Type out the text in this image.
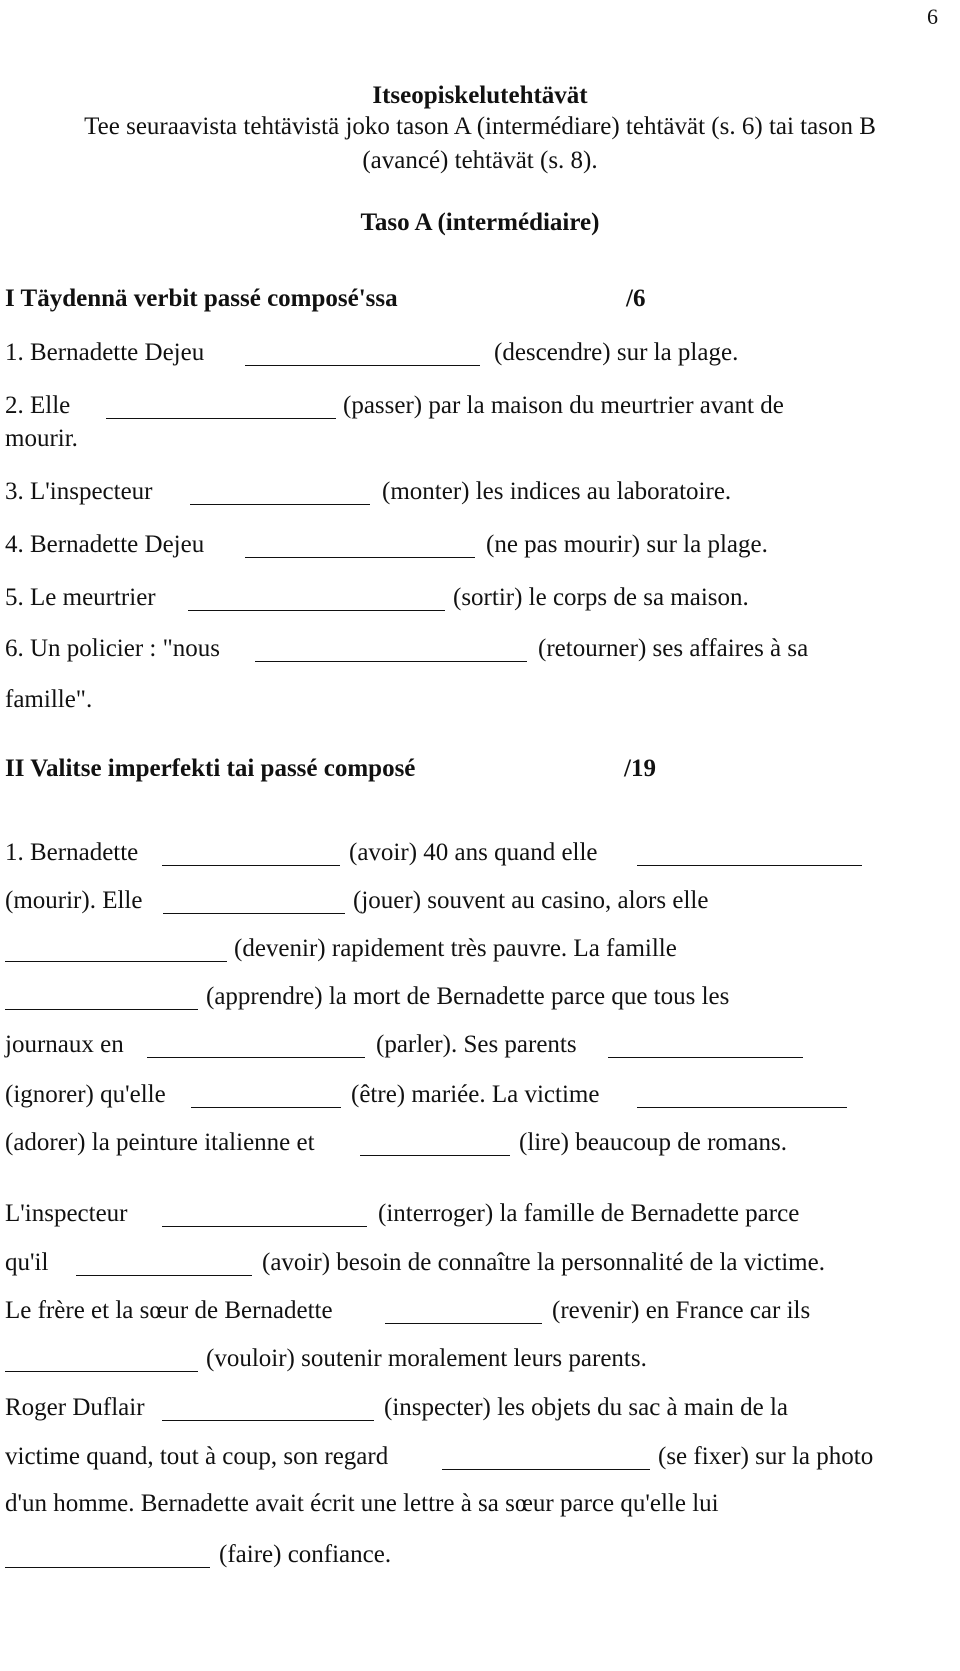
6
Itseopiskelutehtävät
Tee seuraavista tehtävistä joko tason A (intermédiare) tehtävät (s. 6) tai tason B
(avancé) tehtävät (s. 8).
Taso A (intermédiaire)
I Täydennä verbit passé composé'ssa	/6
1. Bernadette Dejeu	(descendre) sur la plage.
2. Elle	(passer) par la maison du meurtrier avant de
mourir.
3. L'inspecteur	(monter) les indices au laboratoire.
4. Bernadette Dejeu	(ne pas mourir) sur la plage.
5. Le meurtrier	(sortir) le corps de sa maison.
6. Un policier : "nous	(retourner) ses affaires à sa
famille".
II Valitse imperfekti tai passé composé	/19
1. Bernadette	(avoir) 40 ans quand elle
(mourir). Elle	(jouer) souvent au casino, alors elle
(devenir) rapidement très pauvre. La famille
(apprendre) la mort de Bernadette parce que tous les
journaux en	(parler). Ses parents
(ignorer) qu'elle	(être) mariée. La victime
(adorer) la peinture italienne et	(lire) beaucoup de romans.
L'inspecteur	(interroger) la famille de Bernadette parce
qu'il	(avoir) besoin de connaître la personnalité de la victime.
Le frère et la sœur de Bernadette	(revenir) en France car ils
(vouloir) soutenir moralement leurs parents.
Roger Duflair	(inspecter) les objets du sac à main de la
victime quand, tout à coup, son regard	(se fixer) sur la photo
d'un homme. Bernadette avait écrit une lettre à sa sœur parce qu'elle lui
(faire) confiance.
